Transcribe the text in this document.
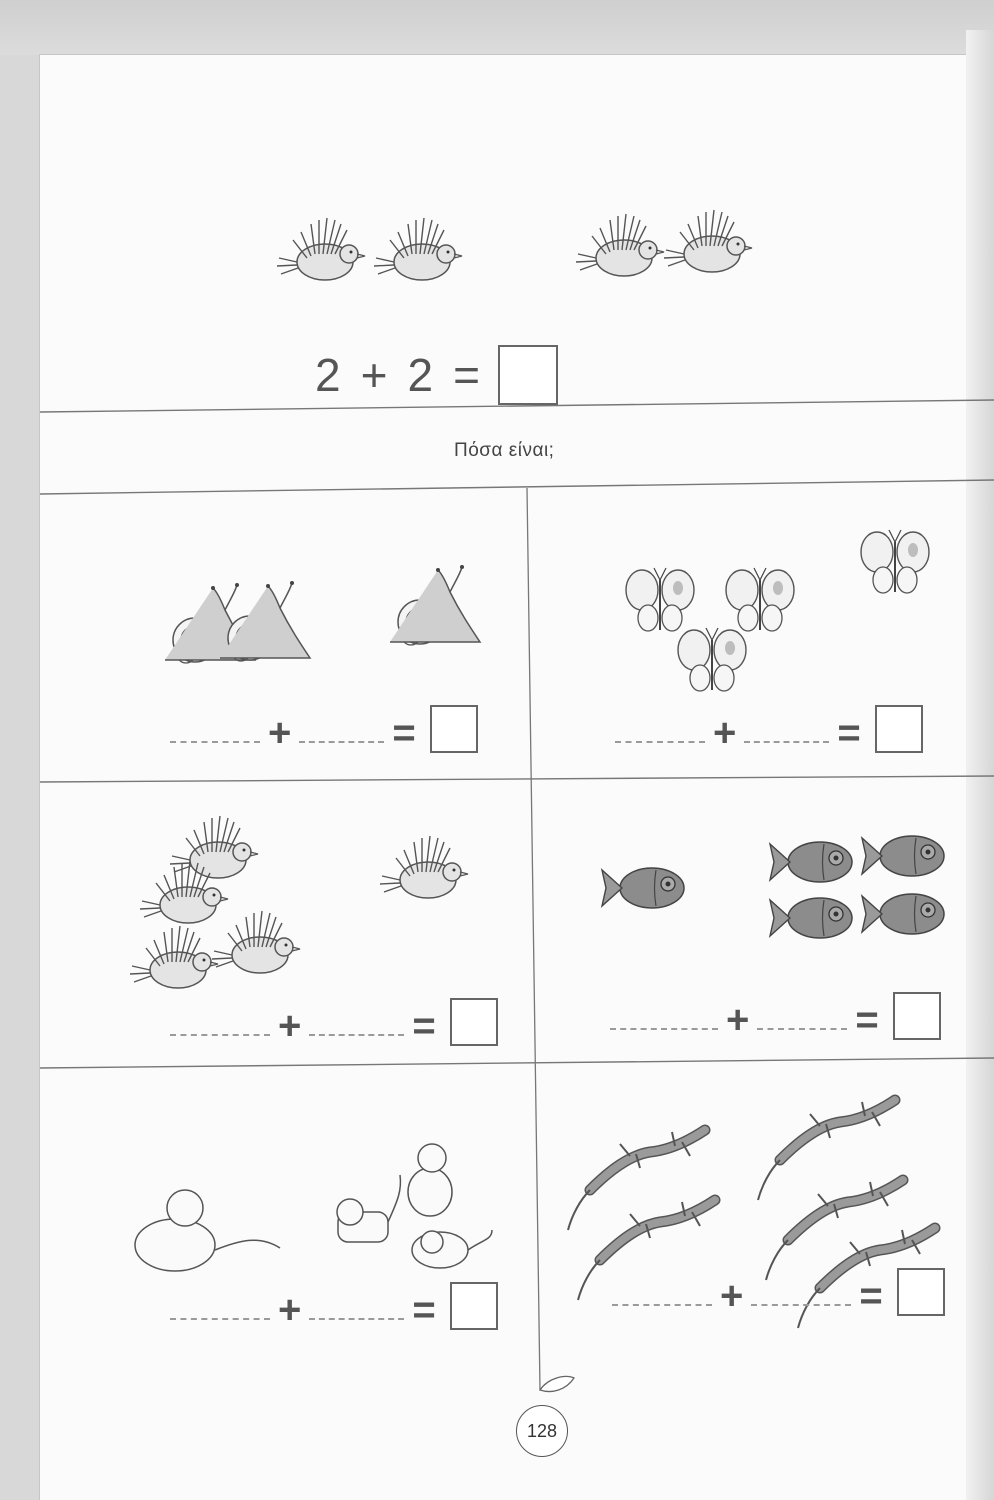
2 + 2 =
Πόσα είναι;
+	=	+	=
+	=	+	=
+	=	+	=
128
